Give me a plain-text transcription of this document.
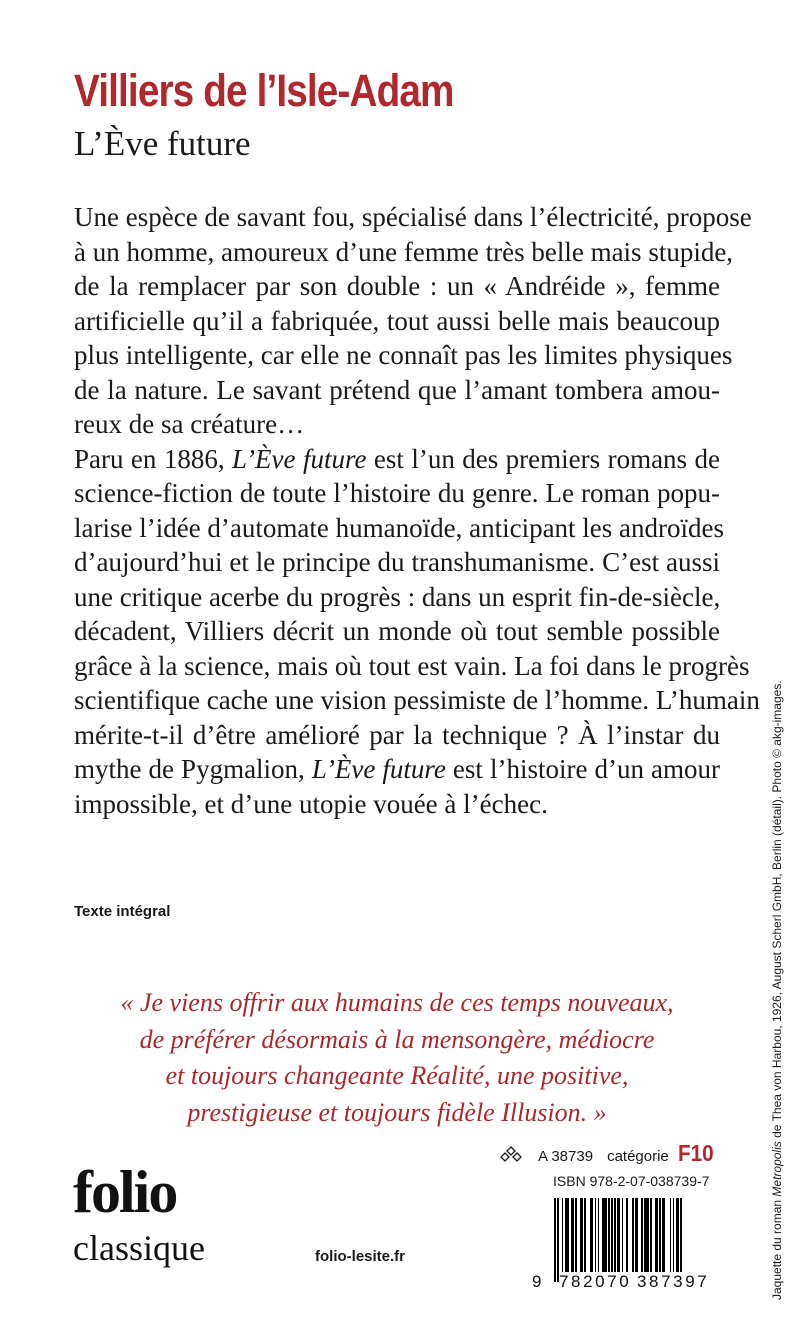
Villiers de l’Isle-Adam
L’Ève future
Une espèce de savant fou, spécialisé dans l’électricité, propose
à un homme, amoureux d’une femme très belle mais stupide,
de la remplacer par son double : un « Andréide », femme
artificielle qu’il a fabriquée, tout aussi belle mais beaucoup
plus intelligente, car elle ne connaît pas les limites physiques
de la nature. Le savant prétend que l’amant tombera amou-
reux de sa créature…
Paru en 1886, L’Ève future est l’un des premiers romans de
science-fiction de toute l’histoire du genre. Le roman popu-
larise l’idée d’automate humanoïde, anticipant les androïdes
d’aujourd’hui et le principe du transhumanisme. C’est aussi
une critique acerbe du progrès : dans un esprit fin-de-siècle,
décadent, Villiers décrit un monde où tout semble possible
grâce à la science, mais où tout est vain. La foi dans le progrès
scientifique cache une vision pessimiste de l’homme. L’humain
mérite-t-il d’être amélioré par la technique ? À l’instar du
mythe de Pygmalion, L’Ève future est l’histoire d’un amour
impossible, et d’une utopie vouée à l’échec.
Texte intégral
« Je viens offrir aux humains de ces temps nouveaux,
de préférer désormais à la mensongère, médiocre
et toujours changeante Réalité, une positive,
prestigieuse et toujours fidèle Illusion. »
folio
classique	folio-lesite.fr
A 38739 catégorie F10
ISBN 978-2-07-038739-7
9 782070 387397	Jaquette du roman Metropolis de Thea von Harbou, 1926, August Scherl GmbH, Berlin (détail). Photo © akg-images.
